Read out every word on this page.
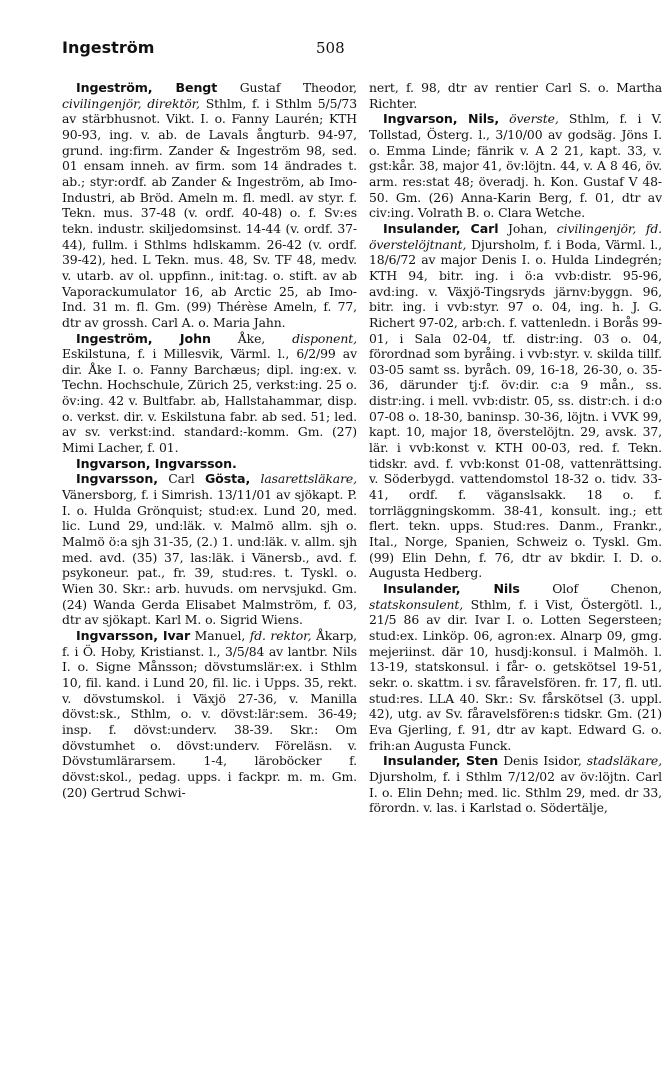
Ingeström	508

Ingeström, Bengt Gustaf Theodor, civilingenjör, direktör, Sthlm, f. i Sthlm 5/5/73 av stärbhusnot. Vikt. I. o. Fanny Laurén; KTH 90-93, ing. v. ab. de Lavals ångturb. 94-97, grund. ing:firm. Zander & Ingeström 98, sed. 01 ensam inneh. av firm. som 14 ändrades t. ab.; styr:ordf. ab Zander & Ingeström, ab Imo-Industri, ab Bröd. Ameln m. fl. medl. av styr. f. Tekn. mus. 37-48 (v. ordf. 40-48) o. f. Sv:es tekn. industr. skiljedomsinst. 14-44 (v. ordf. 37-44), fullm. i Sthlms hdlskamm. 26-42 (v. ordf. 39-42), hed. L Tekn. mus. 48, Sv. TF 48, medv. v. utarb. av ol. uppfinn., init:tag. o. stift. av ab Vaporackumulator 16, ab Arctic 25, ab Imo-Ind. 31 m. fl. Gm. (99) Thérèse Ameln, f. 77, dtr av grossh. Carl A. o. Maria Jahn.

Ingeström, John Åke, disponent, Eskilstuna, f. i Millesvik, Värml. l., 6/2/99 av dir. Åke I. o. Fanny Barchæus; dipl. ing:ex. v. Techn. Hochschule, Zürich 25, verkst:ing. 25 o. öv:ing. 42 v. Bultfabr. ab, Hallstahammar, disp. o. verkst. dir. v. Eskilstuna fabr. ab sed. 51; led. av sv. verkst:ind. standard:-komm. Gm. (27) Mimi Lacher, f. 01.

Ingvarson, Ingvarsson.

Ingvarsson, Carl Gösta, lasarettsläkare, Vänersborg, f. i Simrish. 13/11/01 av sjökapt. P. I. o. Hulda Grönquist; stud:ex. Lund 20, med. lic. Lund 29, und:läk. v. Malmö allm. sjh o. Malmö ö:a sjh 31-35, (2.) 1. und:läk. v. allm. sjh med. avd. (35) 37, las:läk. i Vänersb., avd. f. psykoneur. pat., fr. 39, stud:res. t. Tyskl. o. Wien 30. Skr.: arb. huvuds. om nervsjukd. Gm. (24) Wanda Gerda Elisabet Malmström, f. 03, dtr av sjökapt. Karl M. o. Sigrid Wiens.

Ingvarsson, Ivar Manuel, fd. rektor, Åkarp, f. i Ö. Hoby, Kristianst. l., 3/5/84 av lantbr. Nils I. o. Signe Månsson; dövstumslär:ex. i Sthlm 10, fil. kand. i Lund 20, fil. lic. i Upps. 35, rekt. v. dövstumskol. i Växjö 27-36, v. Manilla dövst:sk., Sthlm, o. v. dövst:lär:sem. 36-49; insp. f. dövst:underv. 38-39. Skr.: Om dövstumhet o. dövst:underv. Föreläsn. v. Dövstumlärarsem. 1-4, läroböcker f. dövst:skol., pedag. upps. i fackpr. m. m. Gm. (20) Gertrud Schwi-

nert, f. 98, dtr av rentier Carl S. o. Martha Richter.

Ingvarson, Nils, överste, Sthlm, f. i V. Tollstad, Österg. l., 3/10/00 av godsäg. Jöns I. o. Emma Linde; fänrik v. A 2 21, kapt. 33, v. gst:kår. 38, major 41, öv:löjtn. 44, v. A 8 46, öv. arm. res:stat 48; överadj. h. Kon. Gustaf V 48-50. Gm. (26) Anna-Karin Berg, f. 01, dtr av civ:ing. Volrath B. o. Clara Wetche.

Insulander, Carl Johan, civilingenjör, fd. överstelöjtnant, Djursholm, f. i Boda, Värml. l., 18/6/72 av major Denis I. o. Hulda Lindegrén; KTH 94, bitr. ing. i ö:a vvb:distr. 95-96, avd:ing. v. Växjö-Tingsryds järnv:byggn. 96, bitr. ing. i vvb:styr. 97 o. 04, ing. h. J. G. Richert 97-02, arb:ch. f. vattenledn. i Borås 99-01, i Sala 02-04, tf. distr:ing. 03 o. 04, förordnad som byråing. i vvb:styr. v. skilda tillf. 03-05 samt ss. byråch. 09, 16-18, 26-30, o. 35-36, därunder tj:f. öv:dir. c:a 9 mån., ss. distr:ing. i mell. vvb:distr. 05, ss. distr:ch. i d:o 07-08 o. 18-30, baninsp. 30-36, löjtn. i VVK 99, kapt. 10, major 18, överstelöjtn. 29, avsk. 37, lär. i vvb:konst v. KTH 00-03, red. f. Tekn. tidskr. avd. f. vvb:konst 01-08, vattenrättsing. v. Söderbygd. vattendomstol 18-32 o. tidv. 33-41, ordf. f. väganslsakk. 18 o. f. torrläggningskomm. 38-41, konsult. ing.; ett flert. tekn. upps. Stud:res. Danm., Frankr., Ital., Norge, Spanien, Schweiz o. Tyskl. Gm. (99) Elin Dehn, f. 76, dtr av bkdir. I. D. o. Augusta Hedberg.

Insulander, Nils Olof Chenon, statskonsulent, Sthlm, f. i Vist, Östergötl. l., 21/5 86 av dir. Ivar I. o. Lotten Segersteen; stud:ex. Linköp. 06, agron:ex. Alnarp 09, gmg. mejeriinst. där 10, husdj:konsul. i Malmöh. l. 13-19, statskonsul. i får- o. getskötsel 19-51, sekr. o. skattm. i sv. fåravelsfören. fr. 17, fl. utl. stud:res. LLA 40. Skr.: Sv. fårskötsel (3. uppl. 42), utg. av Sv. fåravelsfören:s tidskr. Gm. (21) Eva Gjerling, f. 91, dtr av kapt. Edward G. o. frih:an Augusta Funck.

Insulander, Sten Denis Isidor, stadsläkare, Djursholm, f. i Sthlm 7/12/02 av öv:löjtn. Carl I. o. Elin Dehn; med. lic. Sthlm 29, med. dr 33, förordn. v. las. i Karlstad o. Södertälje,
